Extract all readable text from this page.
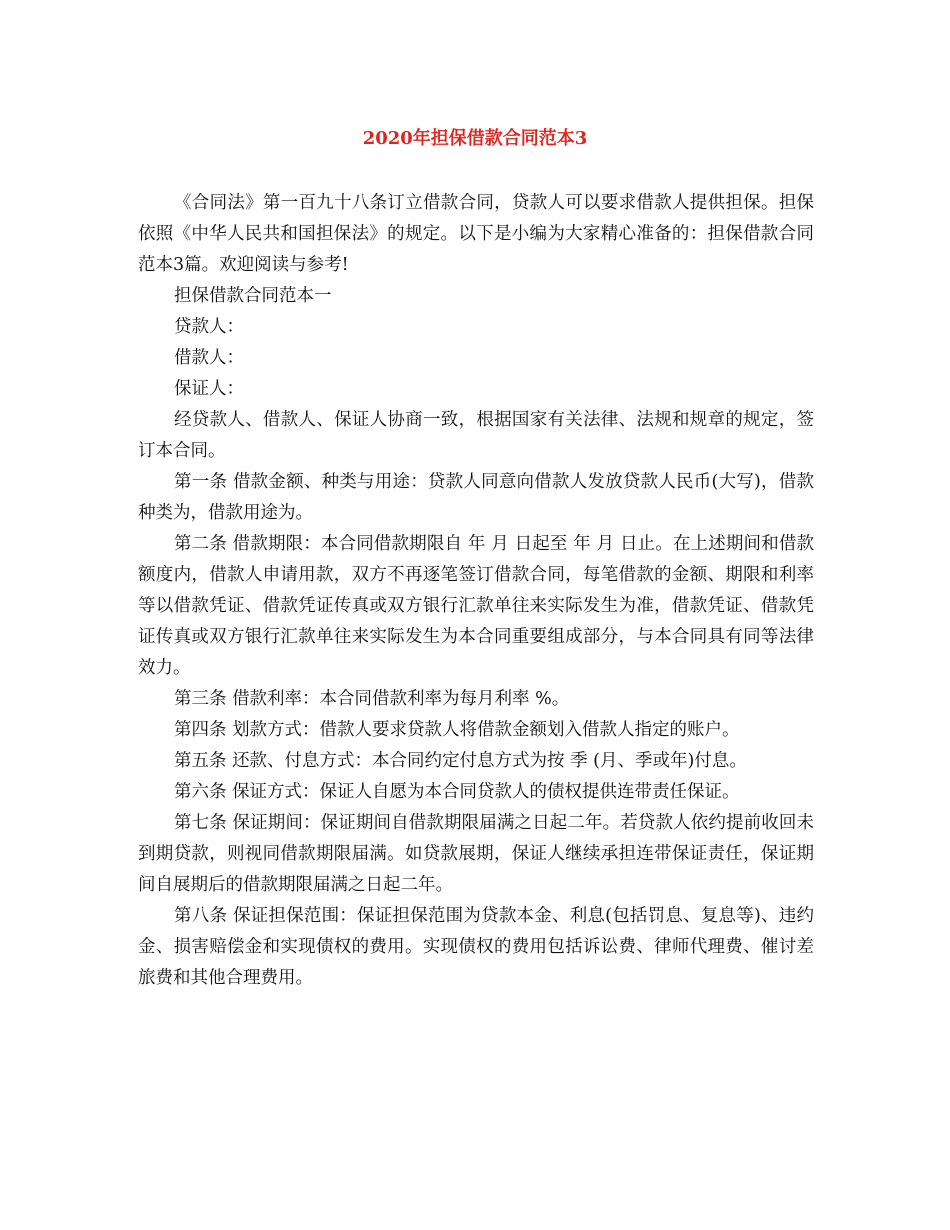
2020年担保借款合同范本3

《合同法》第一百九十八条订立借款合同，贷款人可以要求借款人提供担保。担保依照《中华人民共和国担保法》的规定。以下是小编为大家精心准备的：担保借款合同范本3篇。欢迎阅读与参考!

担保借款合同范本一

贷款人：

借款人：

保证人：

经贷款人、借款人、保证人协商一致，根据国家有关法律、法规和规章的规定，签订本合同。

第一条 借款金额、种类与用途：贷款人同意向借款人发放贷款人民币(大写)，借款种类为，借款用途为。

第二条 借款期限：本合同借款期限自 年 月 日起至 年 月 日止。在上述期间和借款额度内，借款人申请用款，双方不再逐笔签订借款合同，每笔借款的金额、期限和利率等以借款凭证、借款凭证传真或双方银行汇款单往来实际发生为准，借款凭证、借款凭证传真或双方银行汇款单往来实际发生为本合同重要组成部分，与本合同具有同等法律效力。

第三条 借款利率：本合同借款利率为每月利率 %。

第四条 划款方式：借款人要求贷款人将借款金额划入借款人指定的账户。

第五条 还款、付息方式：本合同约定付息方式为按 季 (月、季或年)付息。

第六条 保证方式：保证人自愿为本合同贷款人的债权提供连带责任保证。

第七条 保证期间：保证期间自借款期限届满之日起二年。若贷款人依约提前收回未到期贷款，则视同借款期限届满。如贷款展期，保证人继续承担连带保证责任，保证期间自展期后的借款期限届满之日起二年。

第八条 保证担保范围：保证担保范围为贷款本金、利息(包括罚息、复息等)、违约金、损害赔偿金和实现债权的费用。实现债权的费用包括诉讼费、律师代理费、催讨差旅费和其他合理费用。
